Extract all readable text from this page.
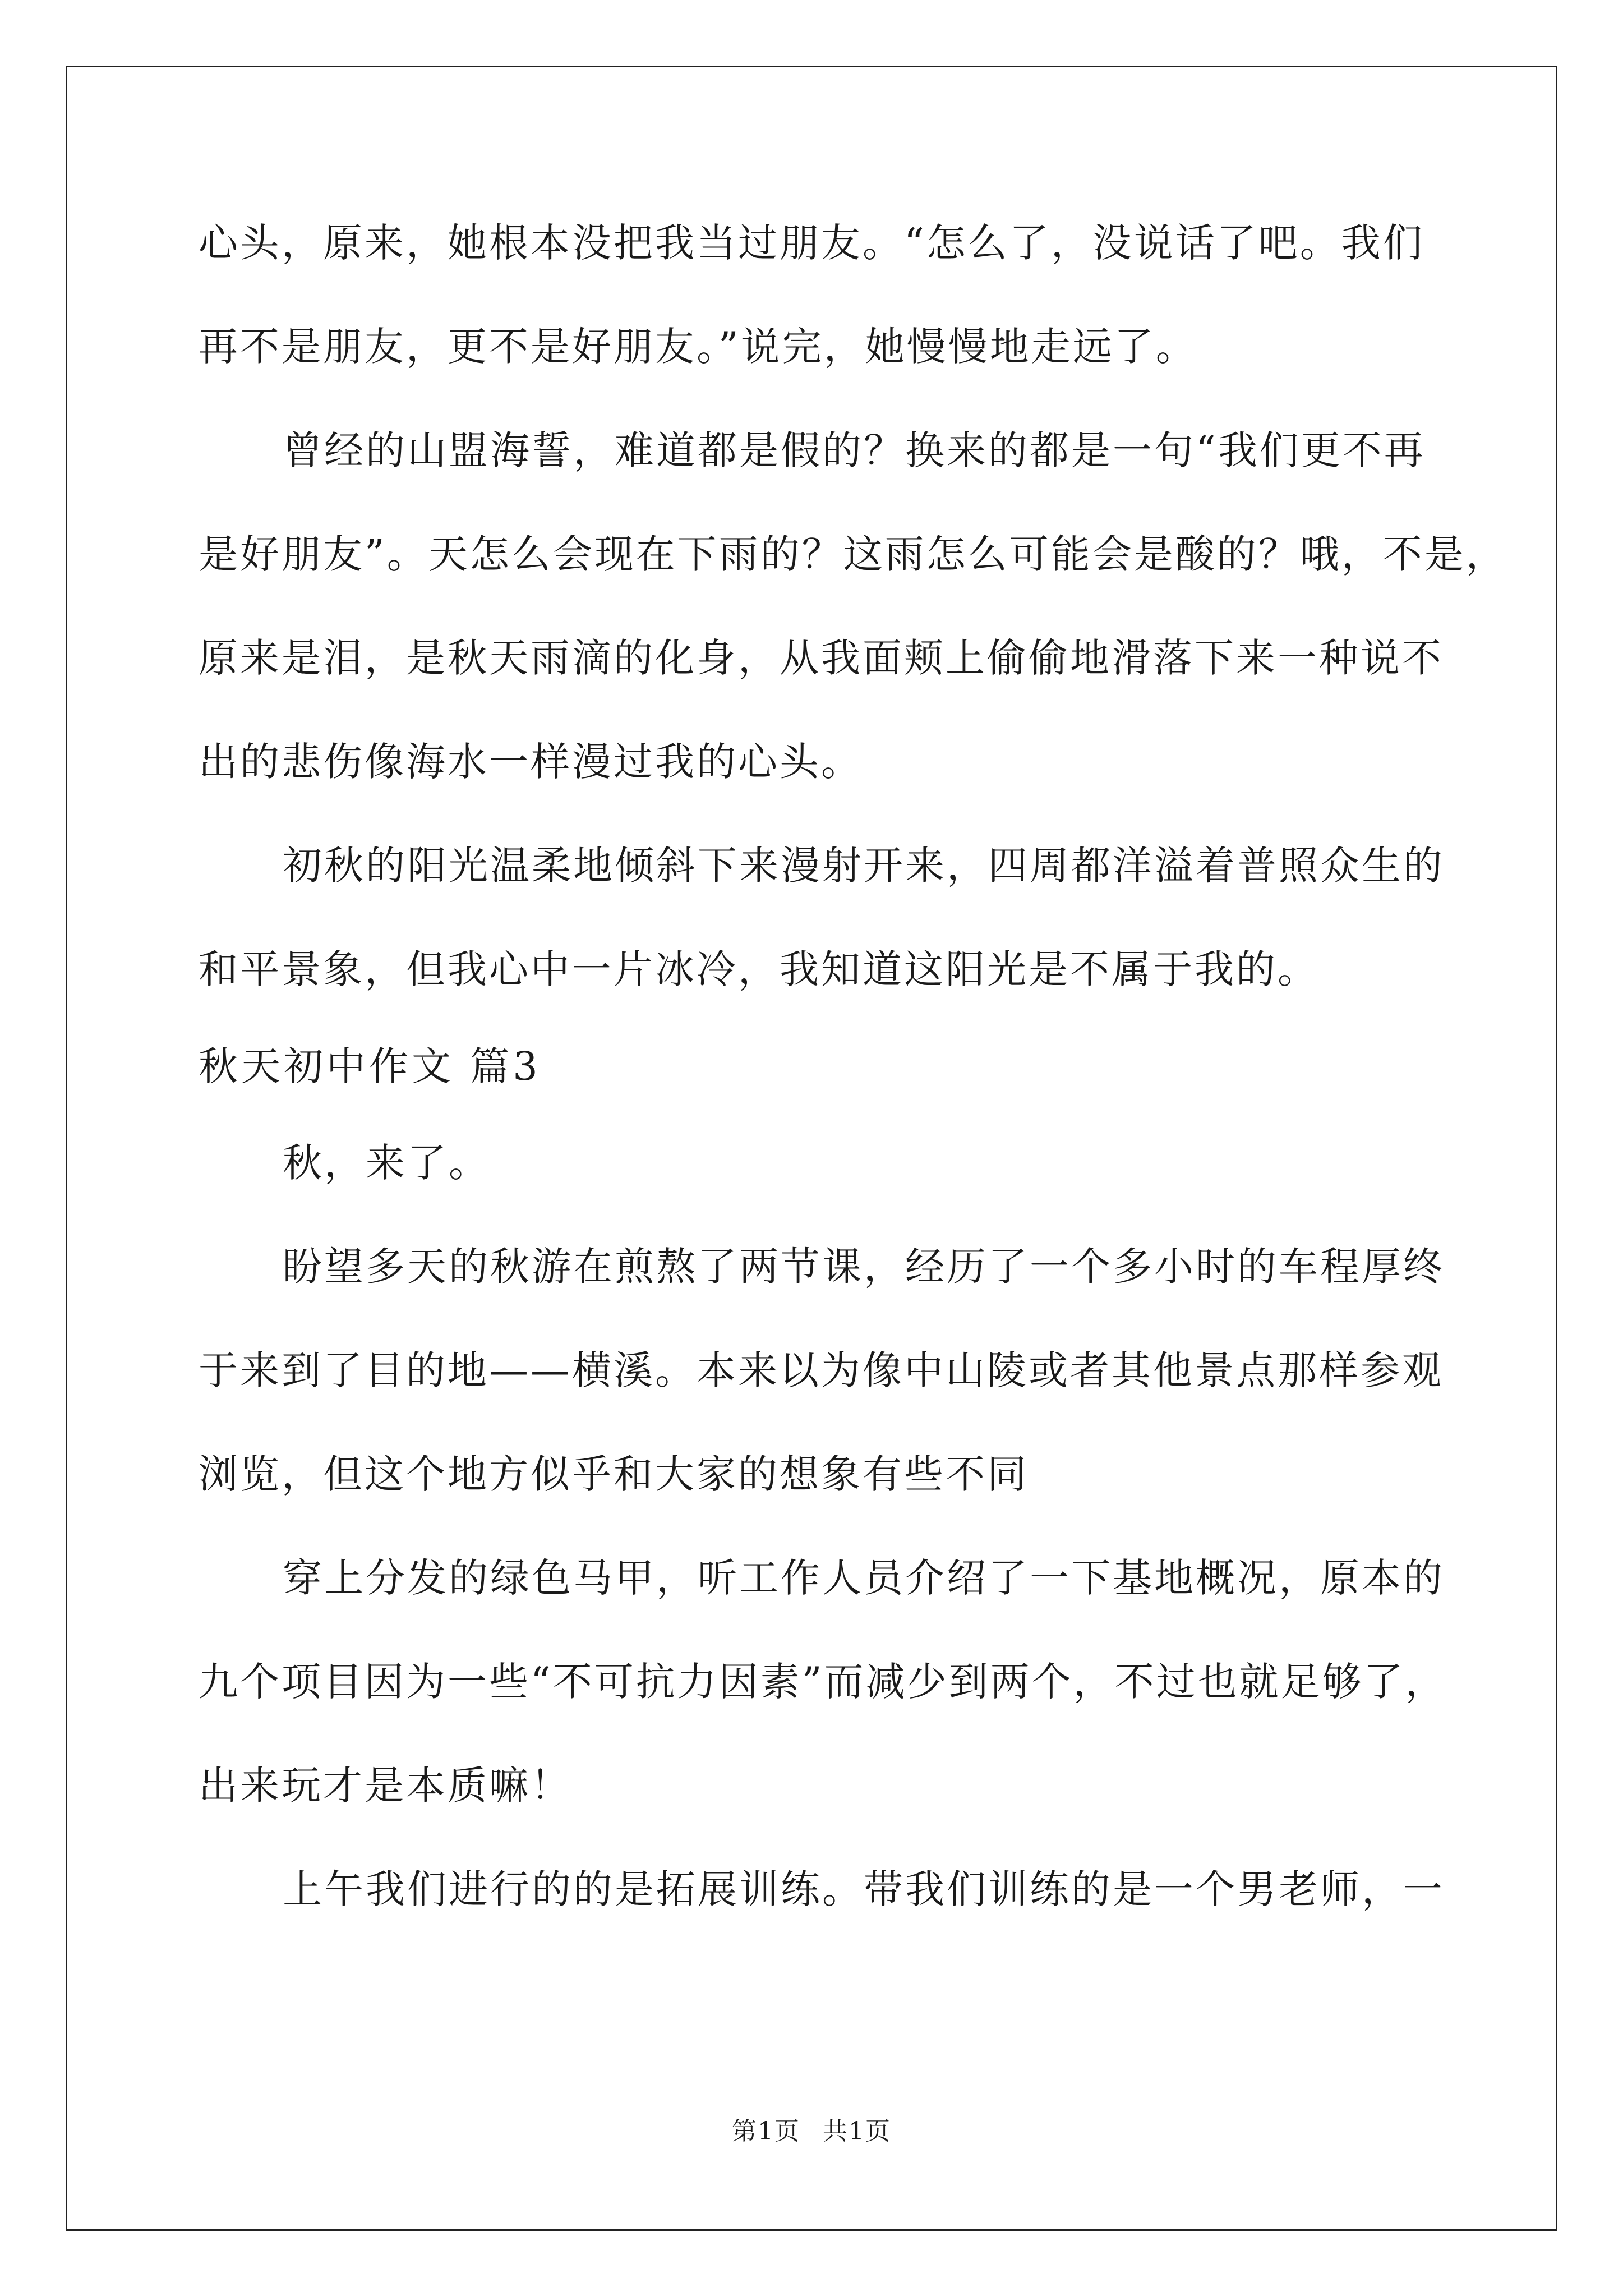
心头，原来，她根本没把我当过朋友。“怎么了，没说话了吧。我们
再不是朋友，更不是好朋友。”说完，她慢慢地走远了。
曾经的山盟海誓，难道都是假的？换来的都是一句“我们更不再
是好朋友”。天怎么会现在下雨的？这雨怎么可能会是酸的？哦，不是，
原来是泪，是秋天雨滴的化身，从我面颊上偷偷地滑落下来一种说不
出的悲伤像海水一样漫过我的心头。
初秋的阳光温柔地倾斜下来漫射开来，四周都洋溢着普照众生的
和平景象，但我心中一片冰冷，我知道这阳光是不属于我的。
秋天初中作文 篇3
秋，来了。
盼望多天的秋游在煎熬了两节课，经历了一个多小时的车程厚终
于来到了目的地——横溪。本来以为像中山陵或者其他景点那样参观
浏览，但这个地方似乎和大家的想象有些不同
穿上分发的绿色马甲，听工作人员介绍了一下基地概况，原本的
九个项目因为一些“不可抗力因素”而减少到两个，不过也就足够了，
出来玩才是本质嘛！
上午我们进行的的是拓展训练。带我们训练的是一个男老师，一
第1页 共1页
